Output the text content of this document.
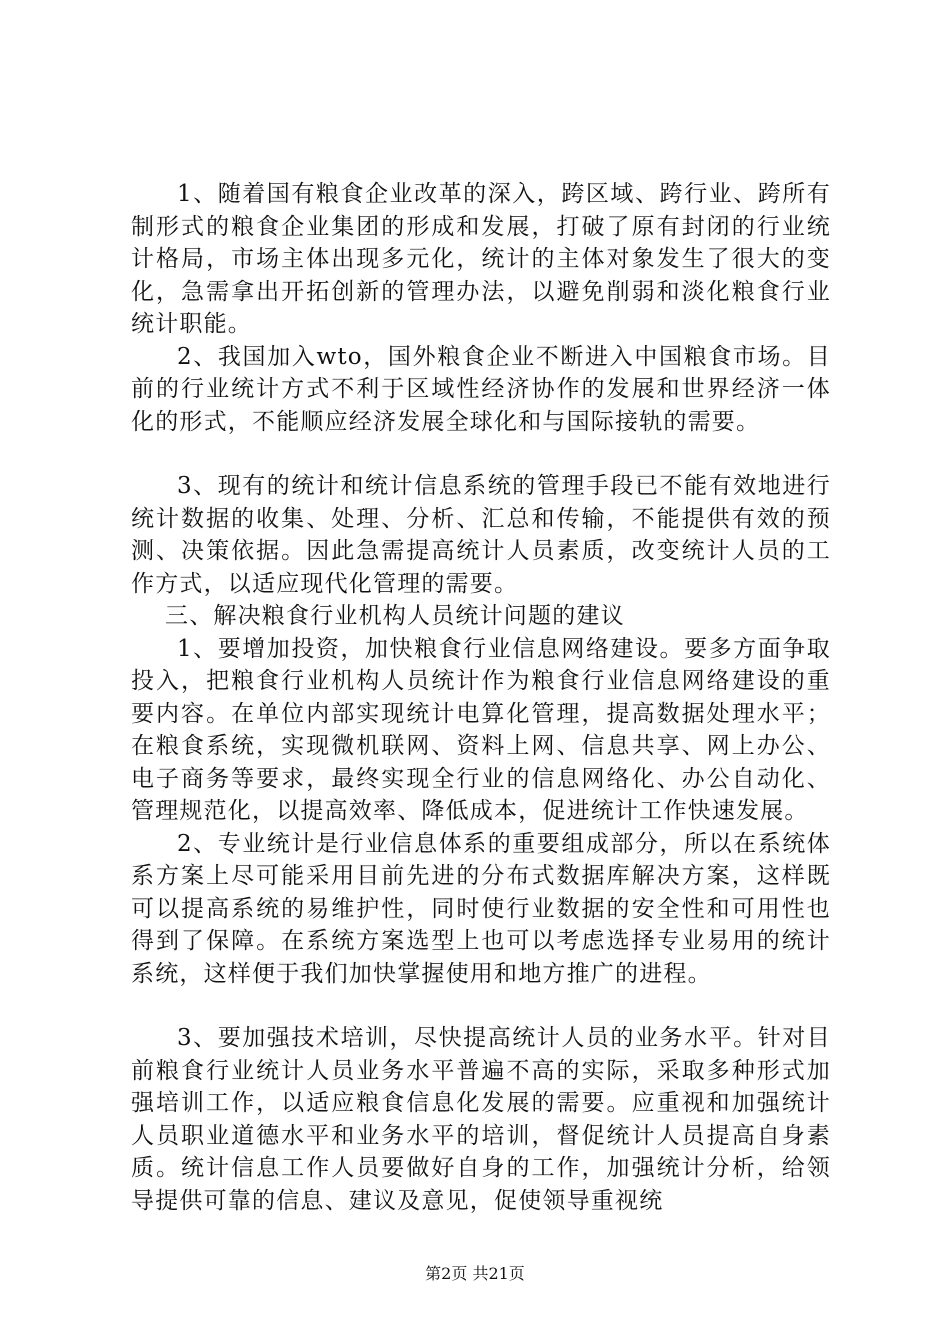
1、随着国有粮食企业改革的深入，跨区域、跨行业、跨所有制形式的粮食企业集团的形成和发展，打破了原有封闭的行业统计格局，市场主体出现多元化，统计的主体对象发生了很大的变化，急需拿出开拓创新的管理办法，以避免削弱和淡化粮食行业统计职能。

2、我国加入wto，国外粮食企业不断进入中国粮食市场。目前的行业统计方式不利于区域性经济协作的发展和世界经济一体化的形式，不能顺应经济发展全球化和与国际接轨的需要。

3、现有的统计和统计信息系统的管理手段已不能有效地进行统计数据的收集、处理、分析、汇总和传输，不能提供有效的预测、决策依据。因此急需提高统计人员素质，改变统计人员的工作方式，以适应现代化管理的需要。

三、解决粮食行业机构人员统计问题的建议

1、要增加投资，加快粮食行业信息网络建设。要多方面争取投入，把粮食行业机构人员统计作为粮食行业信息网络建设的重要内容。在单位内部实现统计电算化管理，提高数据处理水平；在粮食系统，实现微机联网、资料上网、信息共享、网上办公、电子商务等要求，最终实现全行业的信息网络化、办公自动化、管理规范化，以提高效率、降低成本，促进统计工作快速发展。

2、专业统计是行业信息体系的重要组成部分，所以在系统体系方案上尽可能采用目前先进的分布式数据库解决方案，这样既可以提高系统的易维护性，同时使行业数据的安全性和可用性也得到了保障。在系统方案选型上也可以考虑选择专业易用的统计系统，这样便于我们加快掌握使用和地方推广的进程。

3、要加强技术培训，尽快提高统计人员的业务水平。针对目前粮食行业统计人员业务水平普遍不高的实际，采取多种形式加强培训工作，以适应粮食信息化发展的需要。应重视和加强统计人员职业道德水平和业务水平的培训，督促统计人员提高自身素质。统计信息工作人员要做好自身的工作，加强统计分析，给领导提供可靠的信息、建议及意见，促使领导重视统

第2页 共21页
